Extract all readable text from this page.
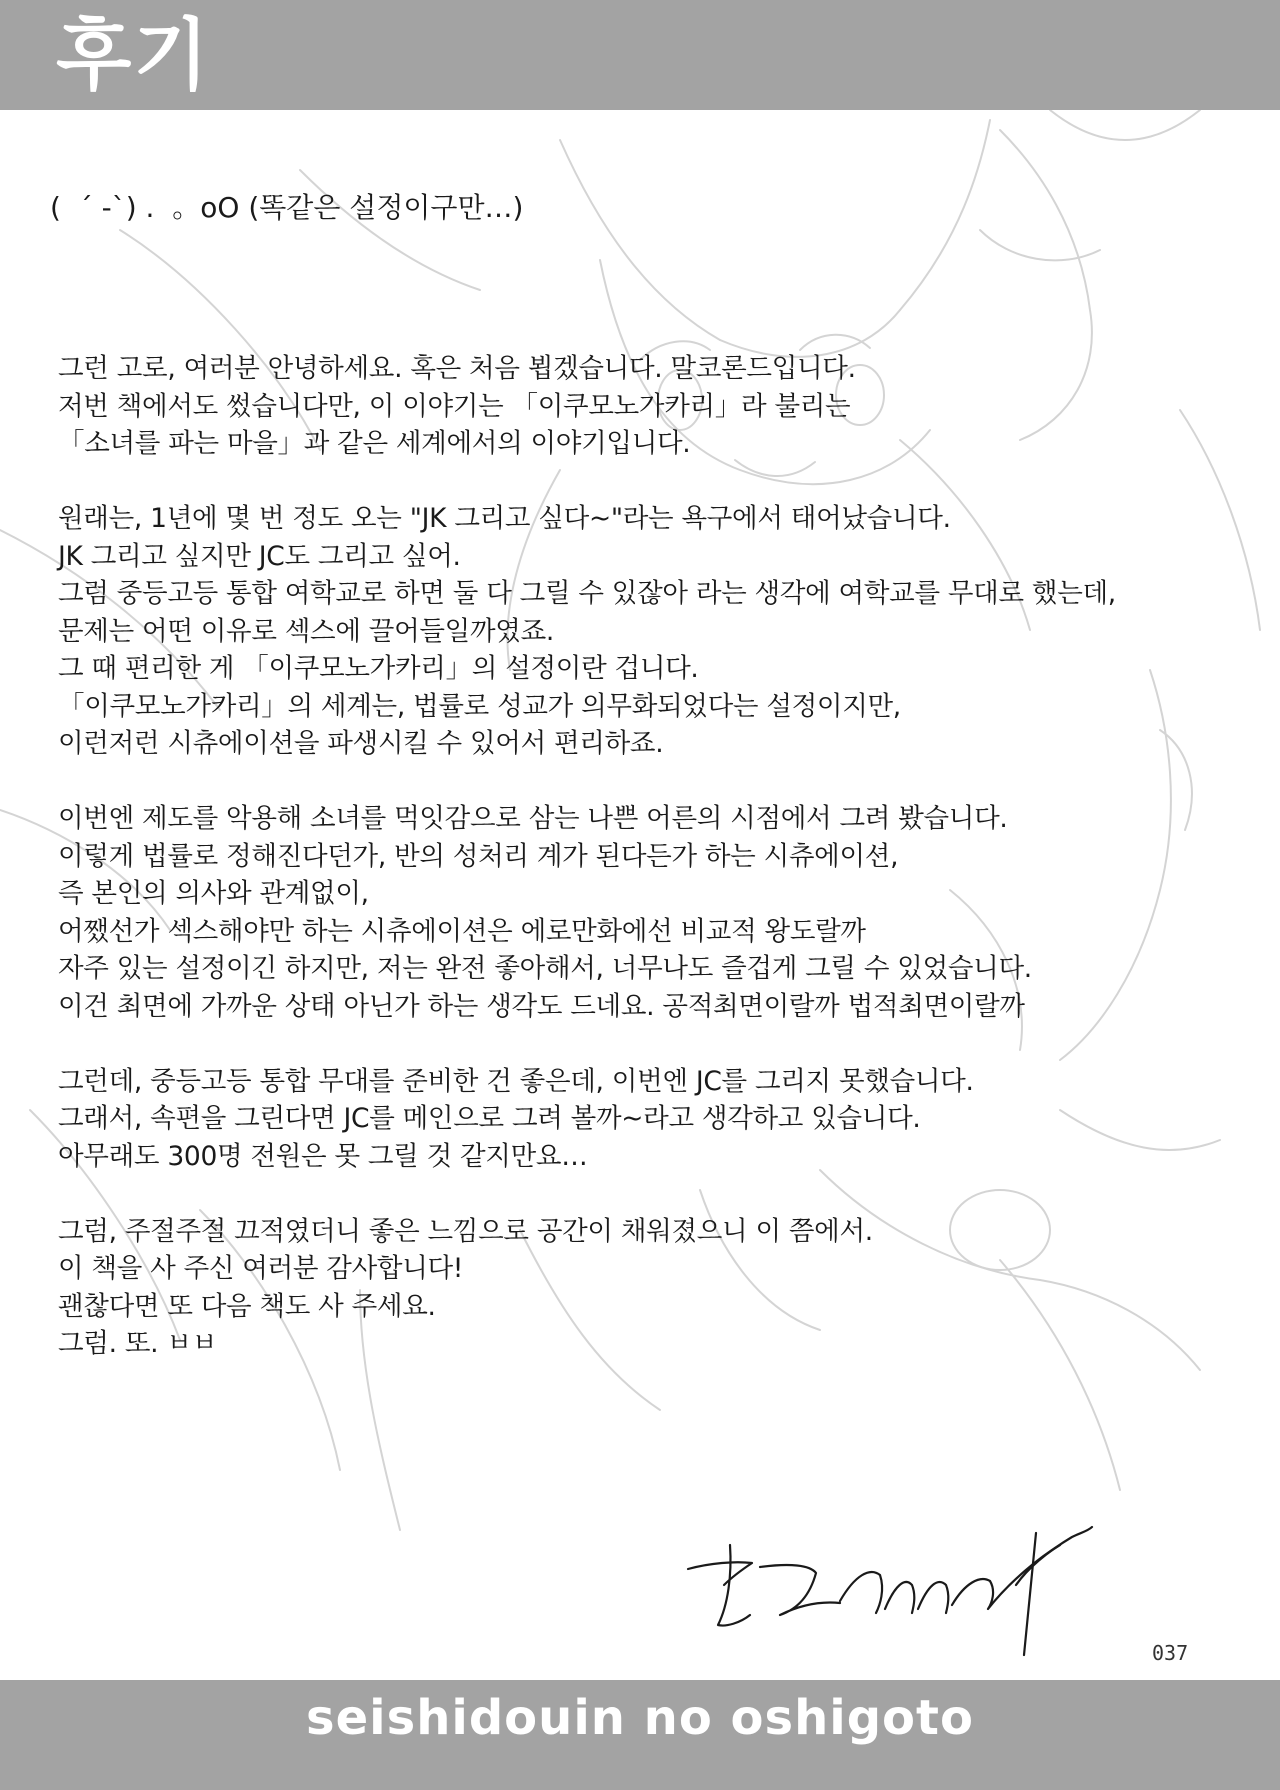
후기
(  ´ -`) .  。oO (똑같은 설정이구만…)

그런 고로, 여러분 안녕하세요. 혹은 처음 뵙겠습니다. 말코론드입니다.
저번 책에서도 썼습니다만, 이 이야기는 「이쿠모노가카리」라 불리는
「소녀를 파는 마을」과 같은 세계에서의 이야기입니다.

원래는, 1년에 몇 번 정도 오는 "JK 그리고 싶다~"라는 욕구에서 태어났습니다.
JK 그리고 싶지만 JC도 그리고 싶어.
그럼 중등고등 통합 여학교로 하면 둘 다 그릴 수 있잖아 라는 생각에 여학교를 무대로 했는데,
문제는 어떤 이유로 섹스에 끌어들일까였죠.
그 때 편리한 게 「이쿠모노가카리」의 설정이란 겁니다.
「이쿠모노가카리」의 세계는, 법률로 성교가 의무화되었다는 설정이지만,
이런저런 시츄에이션을 파생시킬 수 있어서 편리하죠.

이번엔 제도를 악용해 소녀를 먹잇감으로 삼는 나쁜 어른의 시점에서 그려 봤습니다.
이렇게 법률로 정해진다던가, 반의 성처리 계가 된다든가 하는 시츄에이션,
즉 본인의 의사와 관계없이,
어쨌선가 섹스해야만 하는 시츄에이션은 에로만화에선 비교적 왕도랄까
자주 있는 설정이긴 하지만, 저는 완전 좋아해서, 너무나도 즐겁게 그릴 수 있었습니다.
이건 최면에 가까운 상태 아닌가 하는 생각도 드네요. 공적최면이랄까 법적최면이랄까

그런데, 중등고등 통합 무대를 준비한 건 좋은데, 이번엔 JC를 그리지 못했습니다.
그래서, 속편을 그린다면 JC를 메인으로 그려 볼까~라고 생각하고 있습니다.
아무래도 300명 전원은 못 그릴 것 같지만요…

그럼, 주절주절 끄적였더니 좋은 느낌으로 공간이 채워졌으니 이 쯤에서.
이 책을 사 주신 여러분 감사합니다!
괜찮다면 또 다음 책도 사 주세요.
그럼. 또. ㅂㅂ

037
seishidouin no oshigoto
